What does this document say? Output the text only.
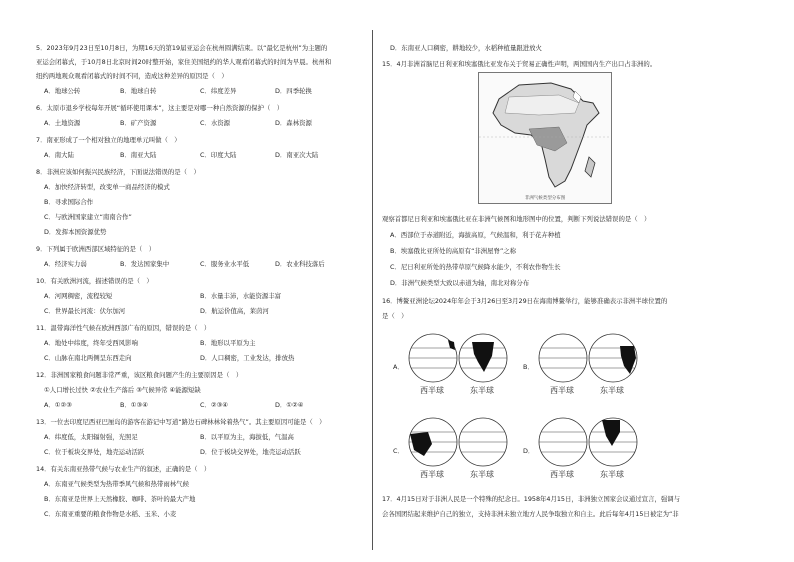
5．2023年9月23日至10月8日，为期16天的第19届亚运会在杭州圆满结束。以“最忆是杭州”为主题的
亚运会闭幕式，于10月8日北京时间20时整开始，家住美国纽约的华人观看闭幕式的时间为早晨。杭州和
纽约两地观众观看闭幕式的时间不同，造成这种差异的原因是（　）
A．地球公转	B．地球自转	C．纬度差异	D．四季轮换
6．太原市退乡学校每年开展“循环使用课本”，这主要是对哪一种自然资源的保护（　）
A．土地资源	B．矿产资源	C．水资源	D．森林资源
7．南亚形成了一个相对独立的地理单元叫做（　）
A．南大陆	B．南亚大陆	C．印度大陆	D．南亚次大陆
8．非洲应该如何振兴民族经济，下面说法错误的是（　）
A．加快经济转型，改变单一商品经济的模式
B．寻求国际合作
C．与欧洲国家建立“南南合作”
D．发挥本国资源优势
9．下列属于欧洲西部区域特征的是（　）
A．经济实力弱	B．发达国家集中	C．服务业水平低	D．农业科技落后
10．有关欧洲河流，描述错误的是（　）
A．河网稠密，流程较短	B．水量丰沛，水能资源丰富
C．世界最长河流：伏尔加河	D．航运价值高，莱茵河
11．温带海洋性气候在欧洲西部广布的原因，错误的是（　）
A．地处中纬度，终年受西风影响	B．地形以平原为主
C．山脉在南北两侧呈东西走向	D．人口稠密，工业发达，排放热
12．非洲国家粮食问题非常严重，该区粮食问题产生的主要原因是（　）
①人口增长过快 ②农业生产落后 ③气候异常 ④能源短缺
A．①②③	B．①③④	C．②③④	D．①②④
13．一位去印度尼西亚巴厘岛的游客在游记中写道“路边石碑林林耸着热气”。其主要原因可能是（　）
A．纬度低，太阳辐射强，光照足	B．以平原为主，海拔低，气温高
C．位于板块交界处，地壳运动活跃	D．位于板块交界处，地壳运动活跃
14．有关东南亚热带气候与农业生产的叙述，正确的是（　）
A．东南亚气候类型为热带季风气候和热带雨林气候
B．东南亚是世界上天然橡胶、咖啡、茶叶的最大产地
C．东南亚重要的粮食作物是水稻、玉米、小麦
D．东南亚人口稠密，耕地较少，水稻种植量跟进放火
15．4月非洲首脑尼日利亚和埃塞俄比亚发布关于贸易正确性声明，两国国内生产出口占非洲的。
非洲气候类型分布图
观察首都尼日利亚和埃塞俄比亚在非洲气候图和地形图中的位置，判断下列说法错误的是（　）
A．西部位于赤道附近，海拔高原，气候温和，利于花卉种植
B．埃塞俄比亚所处的高原有“非洲屋脊”之称
C．尼日利亚所处的热带草原气候降水能少，不利农作物生长
D．非洲气候类型大致以赤道为轴，南北对称分布
16．博鳌亚洲论坛2024年年会于3月26日至3月29日在海南博鳌举行，能够准确表示非洲半球位置的
是（　）
A．
西半球	东半球
B．
西半球	东半球
C．
西半球	东半球
D．
西半球	东半球
17．4月15日对于非洲人民是一个特殊的纪念日。1958年4月15日，非洲独立国家会议通过宣言，强调与
会各国团结起来维护自己的独立，支持非洲未独立地方人民争取独立和自主。此后每年4月15日被定为“非
